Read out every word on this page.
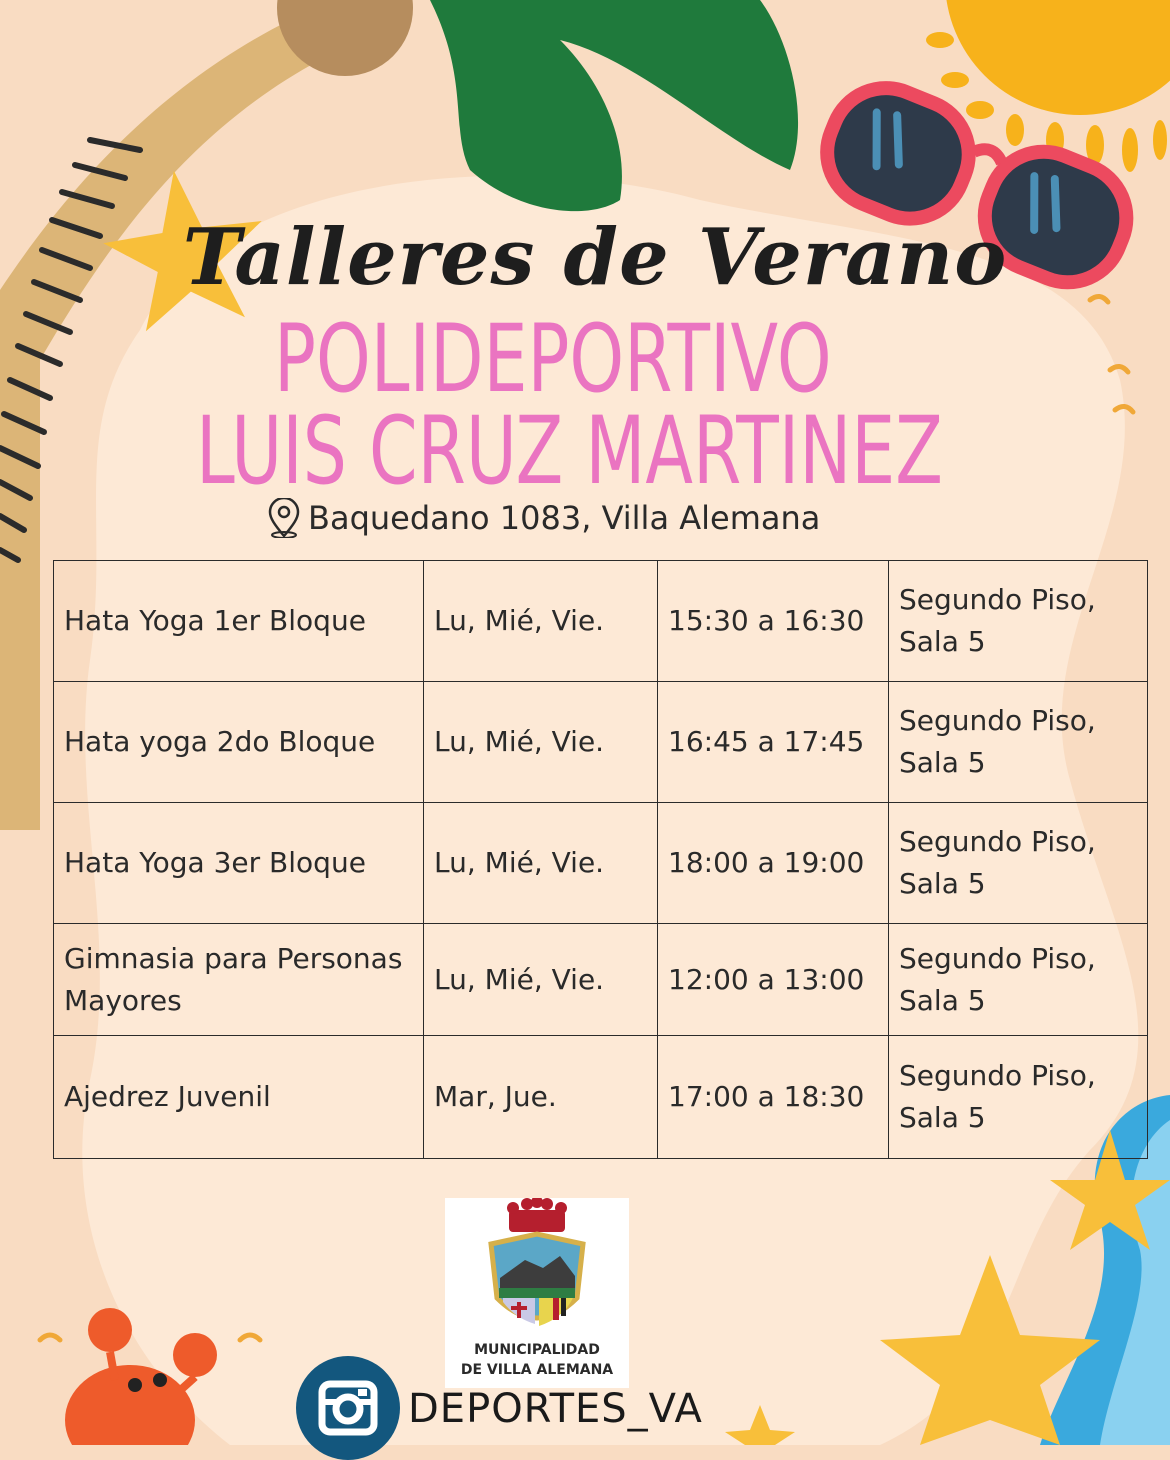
Talleres de Verano
POLIDEPORTIVO
LUIS CRUZ MARTINEZ
Baquedano 1083, Villa Alemana
Hata Yoga 1er Bloque	Lu, Mié, Vie.	15:30 a 16:30	Segundo Piso,
Sala 5
Hata yoga 2do Bloque	Lu, Mié, Vie.	16:45 a 17:45	Segundo Piso,
Sala 5
Hata Yoga 3er Bloque	Lu, Mié, Vie.	18:00 a 19:00	Segundo Piso,
Sala 5
Gimnasia para Personas
Mayores	Lu, Mié, Vie.	12:00 a 13:00	Segundo Piso,
Sala 5
Ajedrez Juvenil	Mar, Jue.	17:00 a 18:30	Segundo Piso,
Sala 5
MUNICIPALIDAD
DE VILLA ALEMANA
DEPORTES_VA
